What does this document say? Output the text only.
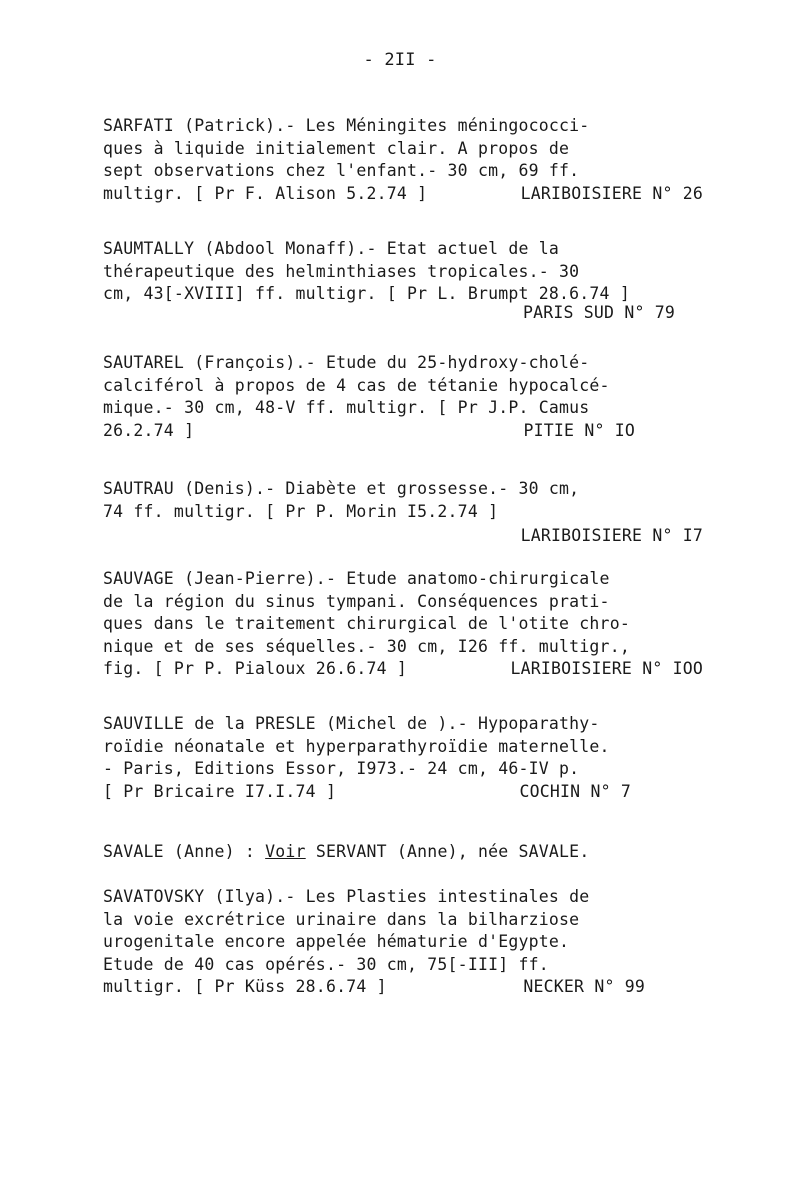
- 2II -
SARFATI (Patrick).- Les Méningites méningococci-
ques à liquide initialement clair. A propos de
sept observations chez l'enfant.- 30 cm, 69 ff.
multigr. [ Pr F. Alison 5.2.74 ]	LARIBOISIERE N° 26
SAUMTALLY (Abdool Monaff).- Etat actuel de la
thérapeutique des helminthiases tropicales.- 30
cm, 43[-XVIII] ff. multigr. [ Pr L. Brumpt 28.6.74 ]
PARIS SUD N° 79
SAUTAREL (François).- Etude du 25-hydroxy-cholé-
calciférol à propos de 4 cas de tétanie hypocalcé-
mique.- 30 cm, 48-V ff. multigr. [ Pr J.P. Camus
26.2.74 ]	PITIE N° IO
SAUTRAU (Denis).- Diabète et grossesse.- 30 cm,
74 ff. multigr. [ Pr P. Morin I5.2.74 ]
LARIBOISIERE N° I7
SAUVAGE (Jean-Pierre).- Etude anatomo-chirurgicale
de la région du sinus tympani. Conséquences prati-
ques dans le traitement chirurgical de l'otite chro-
nique et de ses séquelles.- 30 cm, I26 ff. multigr.,
fig. [ Pr P. Pialoux 26.6.74 ]	LARIBOISIERE N° IOO
SAUVILLE de la PRESLE (Michel de ).- Hypoparathy-
roïdie néonatale et hyperparathyroïdie maternelle.
- Paris, Editions Essor, I973.- 24 cm, 46-IV p.
[ Pr Bricaire I7.I.74 ]	COCHIN N° 7
SAVALE (Anne) : Voir SERVANT (Anne), née SAVALE.
SAVATOVSKY (Ilya).- Les Plasties intestinales de
la voie excrétrice urinaire dans la bilharziose
urogenitale encore appelée hématurie d'Egypte.
Etude de 40 cas opérés.- 30 cm, 75[-III] ff.
multigr. [ Pr Küss 28.6.74 ]	NECKER N° 99
